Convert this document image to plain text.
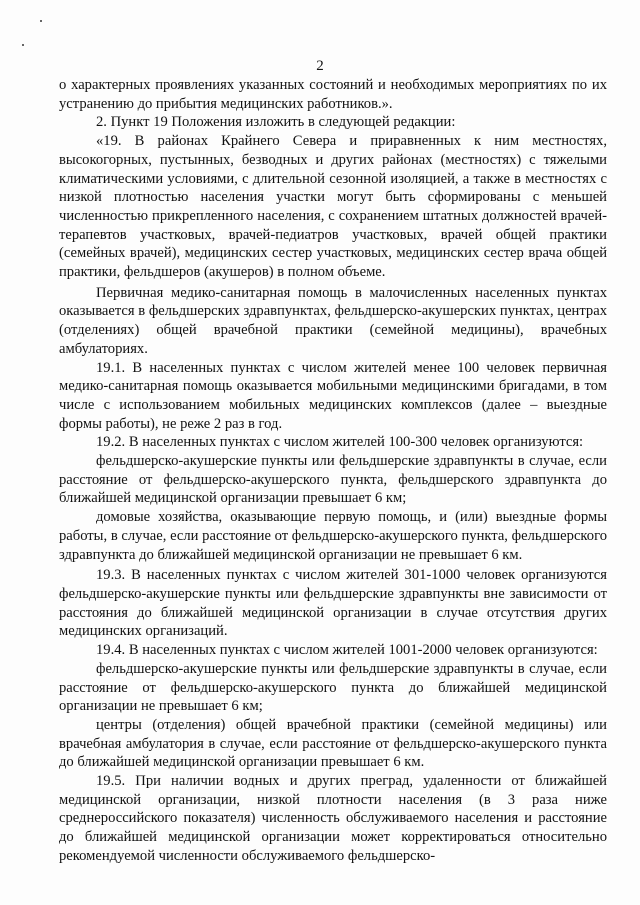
2

о характерных проявлениях указанных состояний и необходимых мероприятиях по их устранению до прибытия медицинских работников.».

2. Пункт 19 Положения изложить в следующей редакции:

«19. В районах Крайнего Севера и приравненных к ним местностях, высокогорных, пустынных, безводных и других районах (местностях) с тяжелыми климатическими условиями, с длительной сезонной изоляцией, а также в местностях с низкой плотностью населения участки могут быть сформированы с меньшей численностью прикрепленного населения, с сохранением штатных должностей врачей-терапевтов участковых, врачей-педиатров участковых, врачей общей практики (семейных врачей), медицинских сестер участковых, медицинских сестер врача общей практики, фельдшеров (акушеров) в полном объеме.

Первичная медико-санитарная помощь в малочисленных населенных пунктах оказывается в фельдшерских здравпунктах, фельдшерско-акушерских пунктах, центрах (отделениях) общей врачебной практики (семейной медицины), врачебных амбулаториях.

19.1. В населенных пунктах с числом жителей менее 100 человек первичная медико-санитарная помощь оказывается мобильными медицинскими бригадами, в том числе с использованием мобильных медицинских комплексов (далее – выездные формы работы), не реже 2 раз в год.

19.2. В населенных пунктах с числом жителей 100-300 человек организуются:

фельдшерско-акушерские пункты или фельдшерские здравпункты в случае, если расстояние от фельдшерско-акушерского пункта, фельдшерского здравпункта до ближайшей медицинской организации превышает 6 км;

домовые хозяйства, оказывающие первую помощь, и (или) выездные формы работы, в случае, если расстояние от фельдшерско-акушерского пункта, фельдшерского здравпункта до ближайшей медицинской организации не превышает 6 км.

19.3. В населенных пунктах с числом жителей 301-1000 человек организуются фельдшерско-акушерские пункты или фельдшерские здравпункты вне зависимости от расстояния до ближайшей медицинской организации в случае отсутствия других медицинских организаций.

19.4. В населенных пунктах с числом жителей 1001-2000 человек организуются:

фельдшерско-акушерские пункты или фельдшерские здравпункты в случае, если расстояние от фельдшерско-акушерского пункта до ближайшей медицинской организации не превышает 6 км;

центры (отделения) общей врачебной практики (семейной медицины) или врачебная амбулатория в случае, если расстояние от фельдшерско-акушерского пункта до ближайшей медицинской организации превышает 6 км.

19.5. При наличии водных и других преград, удаленности от ближайшей медицинской организации, низкой плотности населения (в 3 раза ниже среднероссийского показателя) численность обслуживаемого населения и расстояние до ближайшей медицинской организации может корректироваться относительно рекомендуемой численности обслуживаемого фельдшерско-
